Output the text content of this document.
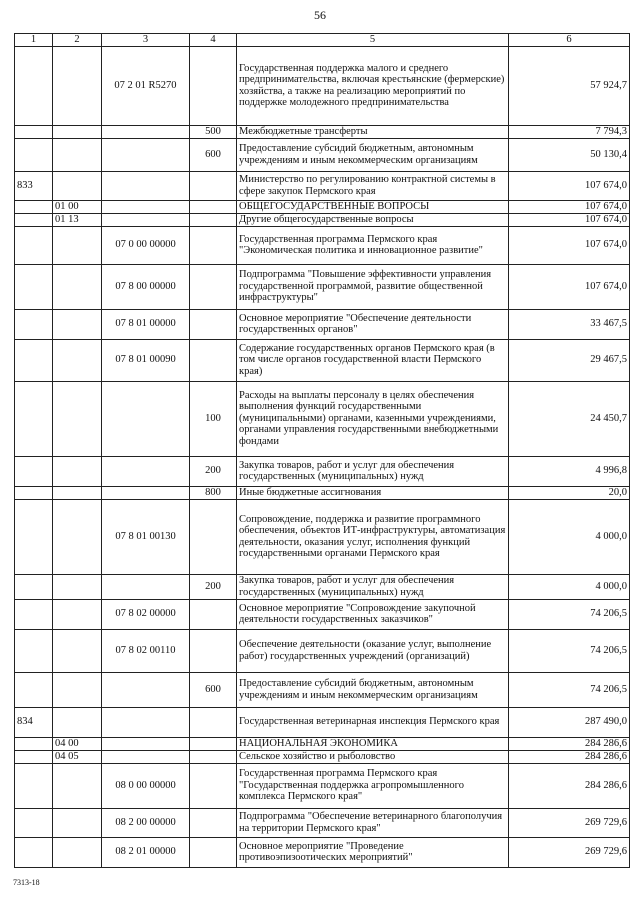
56
1	2	3	4	5	6
		07 2 01 R5270		Государственная поддержка малого и среднего предпринимательства, включая крестьянские (фермерские) хозяйства, а также на реализацию мероприятий по поддержке молодежного предпринимательства	57 924,7
			500	Межбюджетные трансферты	7 794,3
			600	Предоставление субсидий бюджетным, автономным учреждениям и иным некоммерческим организациям	50 130,4
833				Министерство по регулированию контрактной системы в сфере закупок Пермского края	107 674,0
	01 00			ОБЩЕГОСУДАРСТВЕННЫЕ ВОПРОСЫ	107 674,0
	01 13			Другие общегосударственные вопросы	107 674,0
		07 0 00 00000		Государственная программа Пермского края "Экономическая политика и инновационное развитие"	107 674,0
		07 8 00 00000		Подпрограмма "Повышение эффективности управления государственной программой, развитие общественной инфраструктуры"	107 674,0
		07 8 01 00000		Основное мероприятие "Обеспечение деятельности государственных органов"	33 467,5
		07 8 01 00090		Содержание государственных органов Пермского края (в том числе органов государственной власти Пермского края)	29 467,5
			100	Расходы на выплаты персоналу в целях обеспечения выполнения функций государственными (муниципальными) органами, казенными учреждениями, органами управления государственными внебюджетными фондами	24 450,7
			200	Закупка товаров, работ и услуг для обеспечения государственных (муниципальных) нужд	4 996,8
			800	Иные бюджетные ассигнования	20,0
		07 8 01 00130		Сопровождение, поддержка и развитие программного обеспечения, объектов ИТ-инфраструктуры, автоматизация деятельности, оказания услуг, исполнения функций государственными органами Пермского края	4 000,0
			200	Закупка товаров, работ и услуг для обеспечения государственных (муниципальных) нужд	4 000,0
		07 8 02 00000		Основное мероприятие "Сопровождение закупочной деятельности государственных заказчиков"	74 206,5
		07 8 02 00110		Обеспечение деятельности (оказание услуг, выполнение работ) государственных учреждений (организаций)	74 206,5
			600	Предоставление субсидий бюджетным, автономным учреждениям и иным некоммерческим организациям	74 206,5
834				Государственная ветеринарная инспекция Пермского края	287 490,0
	04 00			НАЦИОНАЛЬНАЯ ЭКОНОМИКА	284 286,6
	04 05			Сельское хозяйство и рыболовство	284 286,6
		08 0 00 00000		Государственная программа Пермского края "Государственная поддержка агропромышленного комплекса Пермского края"	284 286,6
		08 2 00 00000		Подпрограмма "Обеспечение ветеринарного благополучия на территории Пермского края"	269 729,6
		08 2 01 00000		Основное мероприятие "Проведение противоэпизоотических мероприятий"	269 729,6
7313-18
